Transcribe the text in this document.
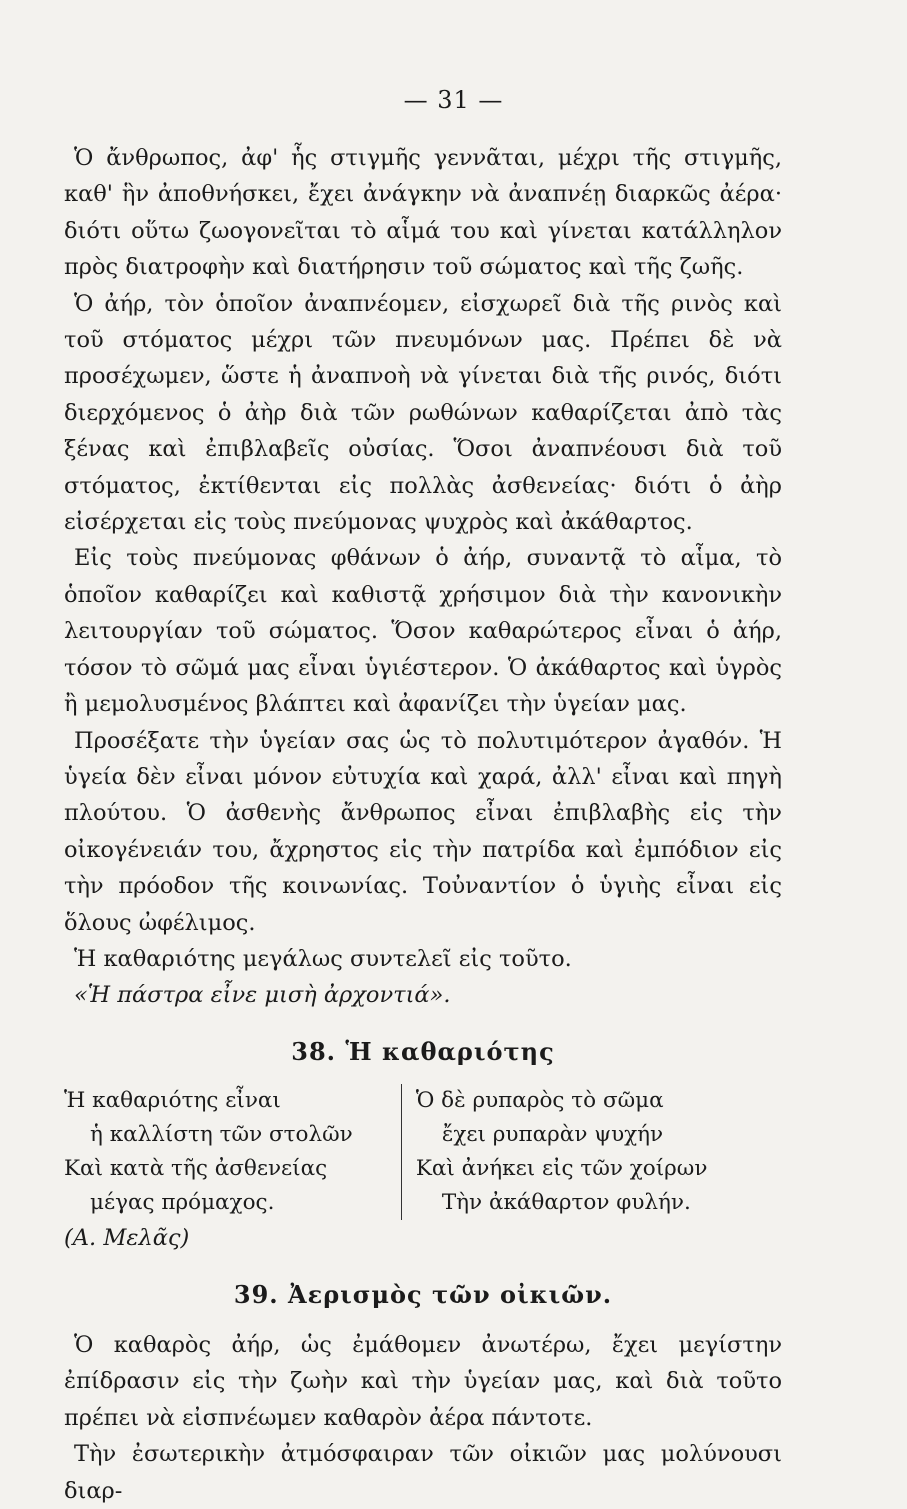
— 31 —

Ὁ ἄνθρωπος, ἀφ' ἧς στιγμῆς γεννᾶται, μέχρι τῆς στιγμῆς, καθ' ἣν ἀποθνήσκει, ἔχει ἀνάγκην νὰ ἀναπνέῃ διαρκῶς ἀέρα· διότι οὕτω ζωογονεῖται τὸ αἷμά του καὶ γίνεται κατάλληλον πρὸς διατροφὴν καὶ διατήρησιν τοῦ σώματος καὶ τῆς ζωῆς.

Ὁ ἀήρ, τὸν ὁποῖον ἀναπνέομεν, εἰσχωρεῖ διὰ τῆς ρινὸς καὶ τοῦ στόματος μέχρι τῶν πνευμόνων μας. Πρέπει δὲ νὰ προσέχωμεν, ὥστε ἡ ἀναπνοὴ νὰ γίνεται διὰ τῆς ρινός, διότι διερχόμενος ὁ ἀὴρ διὰ τῶν ρωθώνων καθαρίζεται ἀπὸ τὰς ξένας καὶ ἐπιβλαβεῖς οὐσίας. Ὅσοι ἀναπνέουσι διὰ τοῦ στόματος, ἐκτίθενται εἰς πολλὰς ἀσθενείας· διότι ὁ ἀὴρ εἰσέρχεται εἰς τοὺς πνεύμονας ψυχρὸς καὶ ἀκάθαρτος.

Εἰς τοὺς πνεύμονας φθάνων ὁ ἀήρ, συναντᾷ τὸ αἷμα, τὸ ὁποῖον καθαρίζει καὶ καθιστᾷ χρήσιμον διὰ τὴν κανονικὴν λειτουργίαν τοῦ σώματος. Ὅσον καθαρώτερος εἶναι ὁ ἀήρ, τόσον τὸ σῶμά μας εἶναι ὑγιέστερον. Ὁ ἀκάθαρτος καὶ ὑγρὸς ἢ μεμολυσμένος βλάπτει καὶ ἀφανίζει τὴν ὑγείαν μας.

Προσέξατε τὴν ὑγείαν σας ὡς τὸ πολυτιμότερον ἀγαθόν. Ἡ ὑγεία δὲν εἶναι μόνον εὐτυχία καὶ χαρά, ἀλλ' εἶναι καὶ πηγὴ πλούτου. Ὁ ἀσθενὴς ἄνθρωπος εἶναι ἐπιβλαβὴς εἰς τὴν οἰκογένειάν του, ἄχρηστος εἰς τὴν πατρίδα καὶ ἐμπόδιον εἰς τὴν πρόοδον τῆς κοινωνίας. Τοὐναντίον ὁ ὑγιὴς εἶναι εἰς ὅλους ὠφέλιμος.

Ἡ καθαριότης μεγάλως συντελεῖ εἰς τοῦτο.

«Ἡ πάστρα εἶνε μισὴ ἀρχοντιά».

38. Ἡ καθαριότης
Ἡ καθαριότης εἶναι
ἡ καλλίστη τῶν στολῶν
Καὶ κατὰ τῆς ἀσθενείας
μέγας πρόμαχος.
Ὁ δὲ ρυπαρὸς τὸ σῶμα
ἔχει ρυπαρὰν ψυχήν
Καὶ ἀνήκει εἰς τῶν χοίρων
Τὴν ἀκάθαρτον φυλήν.

(Α. Μελᾶς)

39. Ἀερισμὸς τῶν οἰκιῶν.

Ὁ καθαρὸς ἀήρ, ὡς ἐμάθομεν ἀνωτέρω, ἔχει μεγίστην ἐπίδρασιν εἰς τὴν ζωὴν καὶ τὴν ὑγείαν μας, καὶ διὰ τοῦτο πρέπει νὰ εἰσπνέωμεν καθαρὸν ἀέρα πάντοτε.

Τὴν ἐσωτερικὴν ἀτμόσφαιραν τῶν οἰκιῶν μας μολύνουσι διαρ-
